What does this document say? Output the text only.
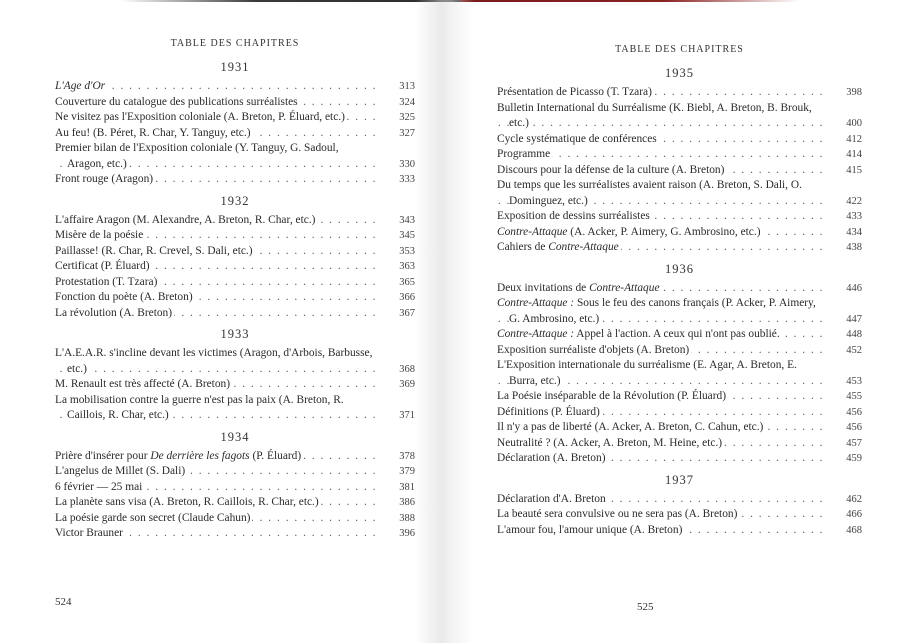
TABLE DES CHAPITRES
1931
L'Age d'Or . . .	313
Couverture du catalogue des publications surréalistes . . .	324
Ne visitez pas l'Exposition coloniale (A. Breton, P. Éluard, etc.) . . .	325
Au feu! (B. Péret, R. Char, Y. Tanguy, etc.) . . .	327
Premier bilan de l'Exposition coloniale (Y. Tanguy, G. Sadoul, Aragon, etc.) . . .	330
Front rouge (Aragon) . . .	333
1932
L'affaire Aragon (M. Alexandre, A. Breton, R. Char, etc.) . . .	343
Misère de la poésie . . .	345
Paillasse! (R. Char, R. Crevel, S. Dali, etc.) . . .	353
Certificat (P. Éluard) . . .	363
Protestation (T. Tzara) . . .	365
Fonction du poète (A. Breton) . . .	366
La révolution (A. Breton) . . .	367
1933
L'A.E.A.R. s'incline devant les victimes (Aragon, d'Arbois, Barbusse, etc.) . . .	368
M. Renault est très affecté (A. Breton) . . .	369
La mobilisation contre la guerre n'est pas la paix (A. Breton, R. Caillois, R. Char, etc.) . . .	371
1934
Prière d'insérer pour De derrière les fagots (P. Éluard) . . .	378
L'angelus de Millet (S. Dali) . . .	379
6 février — 25 mai . . .	381
La planète sans visa (A. Breton, R. Caillois, R. Char, etc.) . . .	386
La poésie garde son secret (Claude Cahun) . . .	388
Victor Brauner . . .	396
524
TABLE DES CHAPITRES
1935
Présentation de Picasso (T. Tzara) . . .	398
Bulletin International du Surréalisme (K. Biebl, A. Breton, B. Brouk, etc.) . . .	400
Cycle systématique de conférences . . .	412
Programme . . .	414
Discours pour la défense de la culture (A. Breton) . . .	415
Du temps que les surréalistes avaient raison (A. Breton, S. Dali, O. Dominguez, etc.) . . .	422
Exposition de dessins surréalistes . . .	433
Contre-Attaque (A. Acker, P. Aimery, G. Ambrosino, etc.) . . .	434
Cahiers de Contre-Attaque . . .	438
1936
Deux invitations de Contre-Attaque . . .	446
Contre-Attaque : Sous le feu des canons français (P. Acker, P. Aimery, G. Ambrosino, etc.) . . .	447
Contre-Attaque : Appel à l'action. A ceux qui n'ont pas oublié. . . .	448
Exposition surréaliste d'objets (A. Breton) . . .	452
L'Exposition internationale du surréalisme (E. Agar, A. Breton, E. Burra, etc.) . . .	453
La Poésie inséparable de la Révolution (P. Éluard) . . .	455
Définitions (P. Éluard) . . .	456
Il n'y a pas de liberté (A. Acker, A. Breton, C. Cahun, etc.) . . .	456
Neutralité ? (A. Acker, A. Breton, M. Heine, etc.) . . .	457
Déclaration (A. Breton) . . .	459
1937
Déclaration d'A. Breton . . .	462
La beauté sera convulsive ou ne sera pas (A. Breton) . . .	466
L'amour fou, l'amour unique (A. Breton) . . .	468
525
